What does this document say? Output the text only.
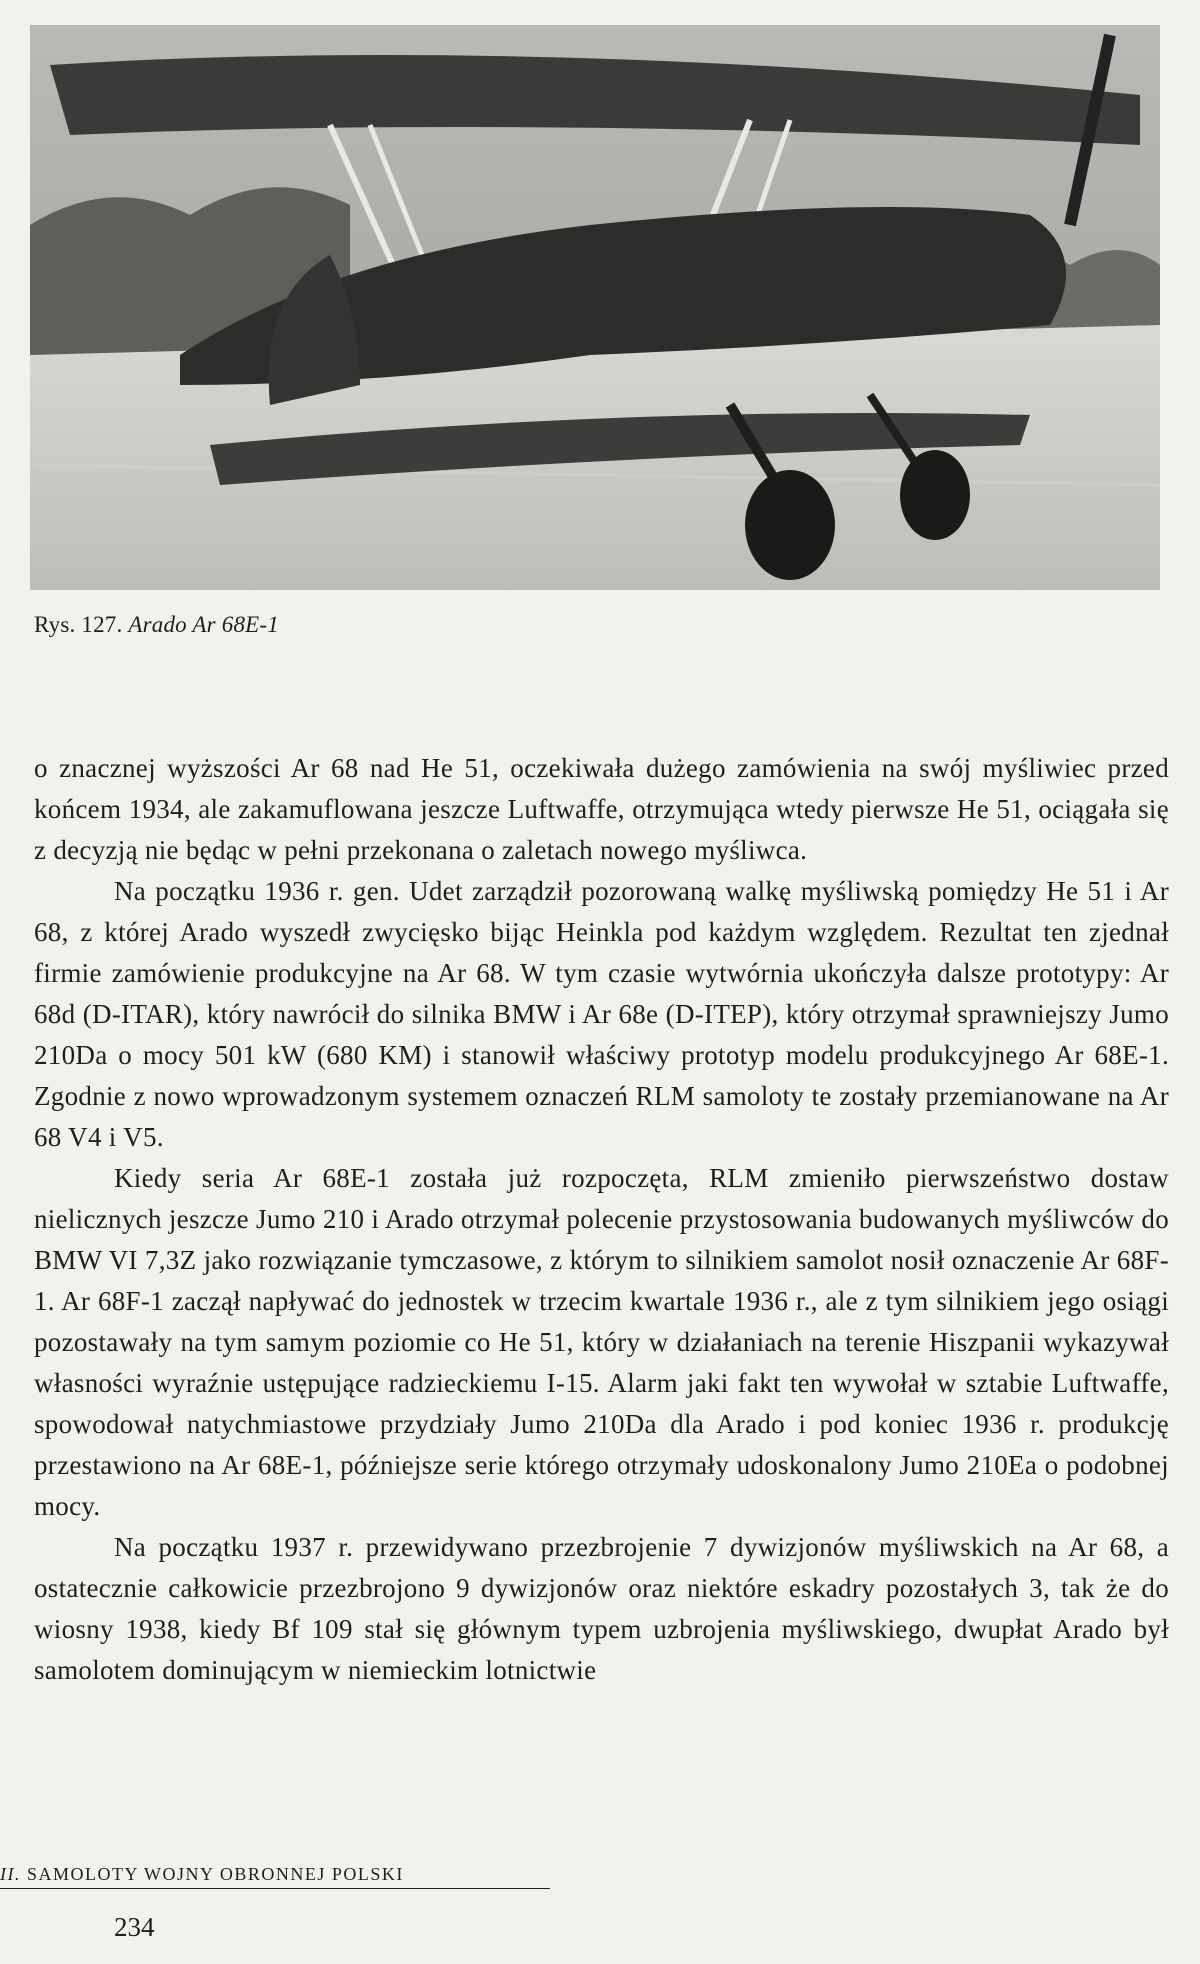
Rys. 127. Arado Ar 68E-1

o znacznej wyższości Ar 68 nad He 51, oczekiwała dużego zamówienia na swój myśliwiec przed końcem 1934, ale zakamuflowana jeszcze Luftwaffe, otrzymująca wtedy pierwsze He 51, ociągała się z decyzją nie będąc w pełni przekonana o zaletach nowego myśliwca.

Na początku 1936 r. gen. Udet zarządził pozorowaną walkę myśliwską pomiędzy He 51 i Ar 68, z której Arado wyszedł zwycięsko bijąc Heinkla pod każdym względem. Rezultat ten zjednał firmie zamówienie produkcyjne na Ar 68. W tym czasie wytwórnia ukończyła dalsze prototypy: Ar 68d (D-ITAR), który nawrócił do silnika BMW i Ar 68e (D-ITEP), który otrzymał sprawniejszy Jumo 210Da o mocy 501 kW (680 KM) i stanowił właściwy prototyp modelu produkcyjnego Ar 68E-1. Zgodnie z nowo wprowadzonym systemem oznaczeń RLM samoloty te zostały przemianowane na Ar 68 V4 i V5.

Kiedy seria Ar 68E-1 została już rozpoczęta, RLM zmieniło pierwszeństwo dostaw nielicznych jeszcze Jumo 210 i Arado otrzymał polecenie przystosowania budowanych myśliwców do BMW VI 7,3Z jako rozwiązanie tymczasowe, z którym to silnikiem samolot nosił oznaczenie Ar 68F-1. Ar 68F-1 zaczął napływać do jednostek w trzecim kwartale 1936 r., ale z tym silnikiem jego osiągi pozostawały na tym samym poziomie co He 51, który w działaniach na terenie Hiszpanii wykazywał własności wyraźnie ustępujące radzieckiemu I-15. Alarm jaki fakt ten wywołał w sztabie Luftwaffe, spowodował natychmiastowe przydziały Jumo 210Da dla Arado i pod koniec 1936 r. produkcję przestawiono na Ar 68E-1, późniejsze serie którego otrzymały udoskonalony Jumo 210Ea o podobnej mocy.

Na początku 1937 r. przewidywano przezbrojenie 7 dywizjonów myśliwskich na Ar 68, a ostatecznie całkowicie przezbrojono 9 dywizjonów oraz niektóre eskadry pozostałych 3, tak że do wiosny 1938, kiedy Bf 109 stał się głównym typem uzbrojenia myśliwskiego, dwupłat Arado był samolotem dominującym w niemieckim lotnictwie

II. SAMOLOTY WOJNY OBRONNEJ POLSKI
234
